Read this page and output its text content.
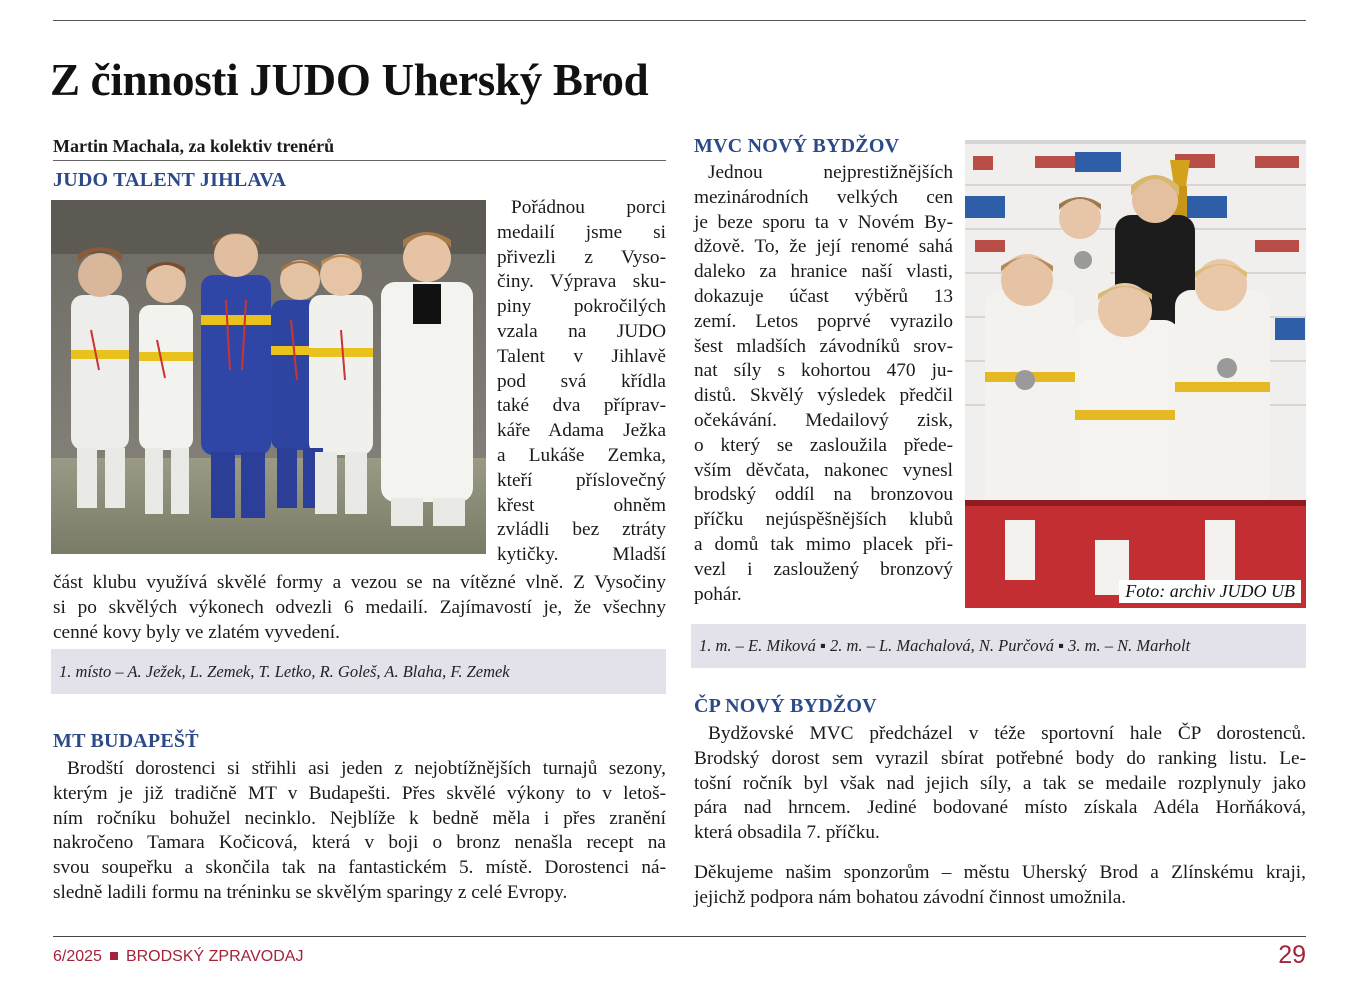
Z činnosti JUDO Uherský Brod
Martin Machala, za kolektiv trenérů
JUDO TALENT JIHLAVA
Pořádnou porci
medailí jsme si
přivezli z Vyso-
činy. Výprava sku-
piny pokročilých
vzala na JUDO
Talent v Jihlavě
pod svá křídla
také dva příprav-
káře Adama Ježka
a Lukáše Zemka,
kteří příslovečný
křest ohněm
zvládli bez ztráty
kytičky. Mladší
část klubu využívá skvělé formy a vezou se na vítězné vlně. Z Vysočiny
si po skvělých výkonech odvezli 6 medailí. Zajímavostí je, že všechny
cenné kovy byly ve zlatém vyvedení.
1. místo – A. Ježek, L. Zemek, T. Letko, R. Goleš, A. Blaha, F. Zemek
MT BUDAPEŠŤ
Brodští dorostenci si střihli asi jeden z nejobtížnějších turnajů sezony,
kterým je již tradičně MT v Budapešti. Přes skvělé výkony to v letoš-
ním ročníku bohužel necinklo. Nejblíže k bedně měla i přes zranění
nakročeno Tamara Kočicová, která v boji o bronz nenašla recept na
svou soupeřku a skončila tak na fantastickém 5. místě. Dorostenci ná-
sledně ladili formu na tréninku se skvělým sparingy z celé Evropy.
MVC NOVÝ BYDŽOV
Jednou nejprestižnějších
mezinárodních velkých cen
je beze sporu ta v Novém By-
džově. To, že její renomé sahá
daleko za hranice naší vlasti,
dokazuje účast výběrů 13
zemí. Letos poprvé vyrazilo
šest mladších závodníků srov-
nat síly s kohortou 470 ju-
distů. Skvělý výsledek předčil
očekávání. Medailový zisk,
o který se zasloužila přede-
vším děvčata, nakonec vynesl
brodský oddíl na bronzovou
příčku nejúspěšnějších klubů
a domů tak mimo placek při-
vezl i zasloužený bronzový
pohár.	Foto: archiv JUDO UB
1. m. – E. Miková ▪ 2. m. – L. Machalová, N. Purčová ▪ 3. m. – N. Marholt
ČP NOVÝ BYDŽOV
Bydžovské MVC předcházel v téže sportovní hale ČP dorostenců.
Brodský dorost sem vyrazil sbírat potřebné body do ranking listu. Le-
tošní ročník byl však nad jejich síly, a tak se medaile rozplynuly jako
pára nad hrncem. Jediné bodované místo získala Adéla Horňáková,
která obsadila 7. příčku.
Děkujeme našim sponzorům – městu Uherský Brod a Zlínskému kraji,
jejichž podpora nám bohatou závodní činnost umožnila.
6/2025 BRODSKÝ ZPRAVODAJ	29
